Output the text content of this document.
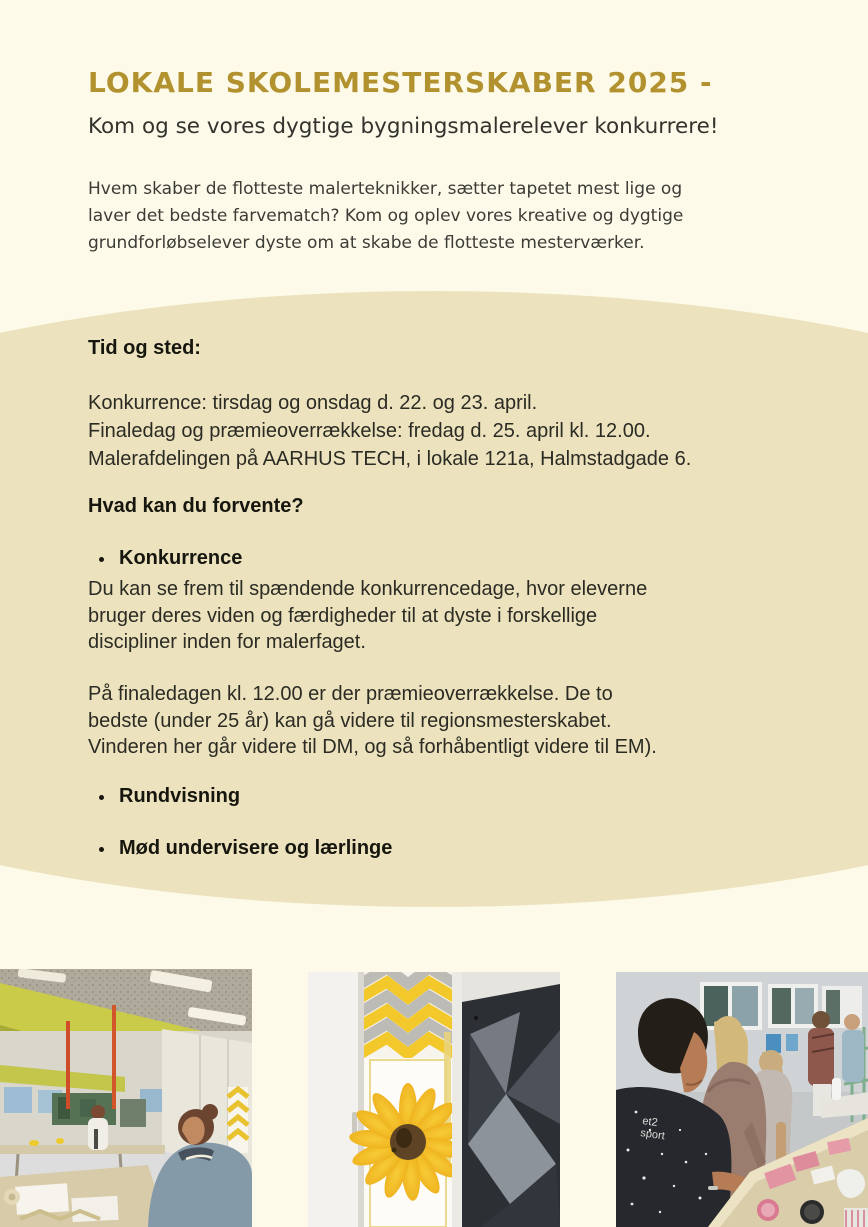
LOKALE SKOLEMESTERSKABER 2025 -

Kom og se vores dygtige bygningsmalerelever konkurrere!

Hvem skaber de flotteste malerteknikker, sætter tapetet mest lige og
laver det bedste farvematch? Kom og oplev vores kreative og dygtige
grundforløbselever dyste om at skabe de flotteste mesterværker.
Tid og sted:
Konkurrence: tirsdag og onsdag d. 22. og 23. april.
Finaledag og præmieoverrækkelse: fredag d. 25. april kl. 12.00.
Malerafdelingen på AARHUS TECH, i lokale 121a, Halmstadgade 6.
Hvad kan du forvente?
Konkurrence
Du kan se frem til spændende konkurrencedage, hvor eleverne
bruger deres viden og færdigheder til at dyste i forskellige
discipliner inden for malerfaget.
På finaledagen kl. 12.00 er der præmieoverrækkelse. De to
bedste (under 25 år) kan gå videre til regionsmesterskabet.
Vinderen her går videre til DM, og så forhåbentligt videre til EM).
Rundvisning
Mød undervisere og lærlinge
et2
sport
